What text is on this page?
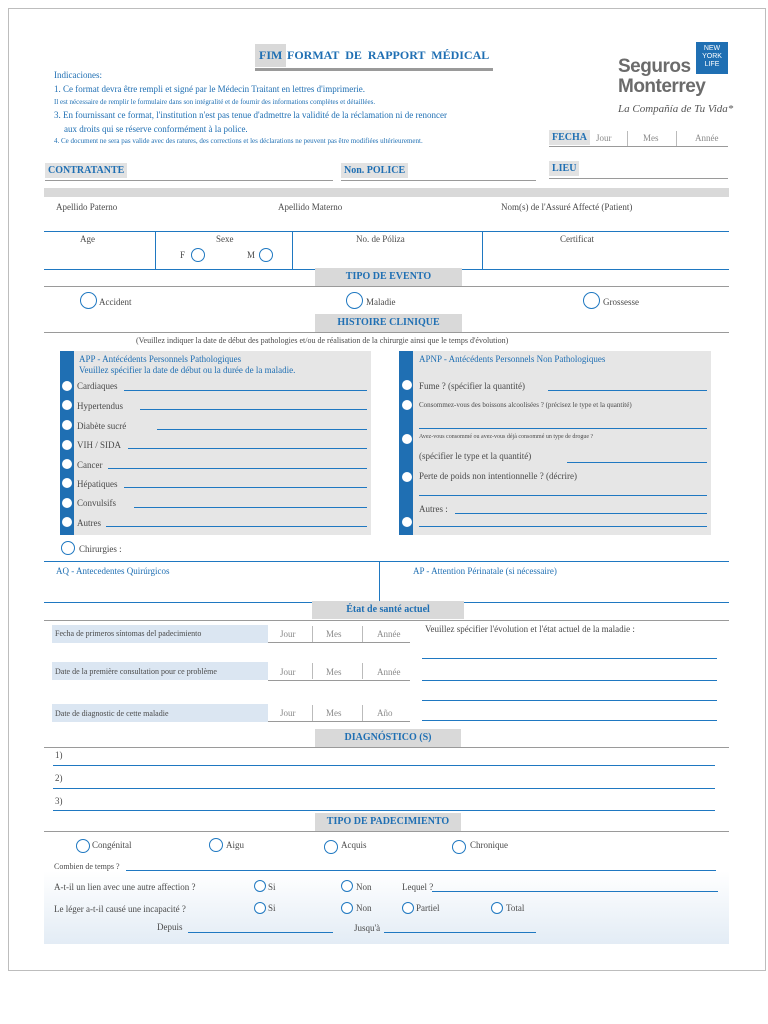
FIM FORMAT DE RAPPORT MÉDICAL	NEW YORK LIFE
Seguros
Monterrey
La Compañía de Tu Vida*
Indicaciones:
1. Ce format devra être rempli et signé par le Médecin Traitant en lettres d'imprimerie.
Il est nécessaire de remplir le formulaire dans son intégralité et de fournir des informations complètes et détaillées.
3. En fournissant ce format, l'institution n'est pas tenue d'admettre la validité de la réclamation ni de renoncer
aux droits qui se réserve conformément à la police.
4. Ce document ne sera pas valide avec des ratures, des corrections et les déclarations ne peuvent pas être modifiées ultérieurement.	FECHA	Jour	Mes	Année
CONTRATANTE	Non. POLICE	LIEU
Apellido Paterno	Apellido Materno	Nom(s) de l'Assuré Affecté (Patient)
Age	Sexe
F	M
No. de Póliza	Certificat
TIPO DE EVENTO
Accident	Maladie	Grossesse
HISTOIRE CLINIQUE
(Veuillez indiquer la date de début des pathologies et/ou de réalisation de la chirurgie ainsi que le temps d'évolution)
APP - Antécédents Personnels Pathologiques
Veuillez spécifier la date de début ou la durée de la maladie.
Cardiaques
Hypertendus
Diabète sucré
VIH / SIDA
Cancer
Hépatiques
Convulsifs
Autres
APNP - Antécédents Personnels Non Pathologiques
Fume ? (spécifier la quantité)
Consommez-vous des boissons alcoolisées ? (précisez le type et la quantité)
Avez-vous consommé ou avez-vous déjà consommé un type de drogue ?
(spécifier le type et la quantité)
Perte de poids non intentionnelle ? (décrire)
Autres :
Chirurgies :
AQ - Antecedentes Quirúrgicos	AP - Attention Périnatale (si nécessaire)
État de santé actuel
Fecha de primeros síntomas del padecimiento	Jour	Mes	Année
Date de la première consultation pour ce problème	Jour	Mes	Année
Date de diagnostic de cette maladie	Jour	Mes	Año
Veuillez spécifier l'évolution et l'état actuel de la maladie :
DIAGNÓSTICO (S)
1)
2)
3)
TIPO DE PADECIMIENTO
Congénital	Aigu	Acquis	Chronique
Combien de temps ?
A-t-il un lien avec une autre affection ?	Si	Non	Lequel ?
Le léger a-t-il causé une incapacité ?	Si	Non	Partiel	Total
Depuis	Jusqu'à
